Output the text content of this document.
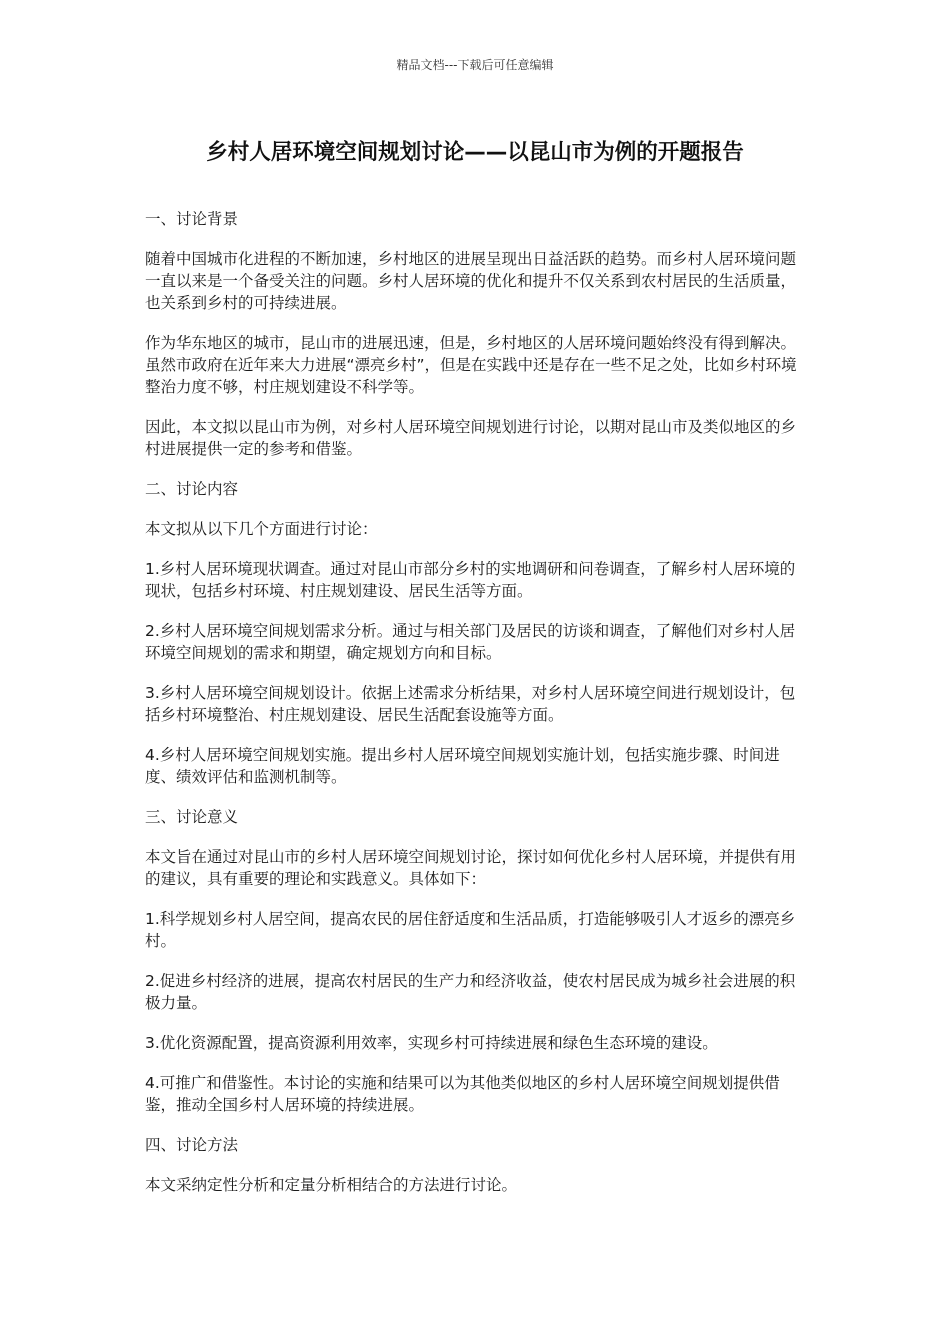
精品文档---下载后可任意编辑
乡村人居环境空间规划讨论——以昆山市为例的开题报告

一、讨论背景

随着中国城市化进程的不断加速，乡村地区的进展呈现出日益活跃的趋势。而乡村人居环境问题一直以来是一个备受关注的问题。乡村人居环境的优化和提升不仅关系到农村居民的生活质量，也关系到乡村的可持续进展。

作为华东地区的城市，昆山市的进展迅速，但是，乡村地区的人居环境问题始终没有得到解决。虽然市政府在近年来大力进展“漂亮乡村”，但是在实践中还是存在一些不足之处，比如乡村环境整治力度不够，村庄规划建设不科学等。

因此，本文拟以昆山市为例，对乡村人居环境空间规划进行讨论，以期对昆山市及类似地区的乡村进展提供一定的参考和借鉴。

二、讨论内容

本文拟从以下几个方面进行讨论：

1.乡村人居环境现状调查。通过对昆山市部分乡村的实地调研和问卷调查，了解乡村人居环境的现状，包括乡村环境、村庄规划建设、居民生活等方面。

2.乡村人居环境空间规划需求分析。通过与相关部门及居民的访谈和调查，了解他们对乡村人居环境空间规划的需求和期望，确定规划方向和目标。

3.乡村人居环境空间规划设计。依据上述需求分析结果，对乡村人居环境空间进行规划设计，包括乡村环境整治、村庄规划建设、居民生活配套设施等方面。

4.乡村人居环境空间规划实施。提出乡村人居环境空间规划实施计划，包括实施步骤、时间进度、绩效评估和监测机制等。

三、讨论意义

本文旨在通过对昆山市的乡村人居环境空间规划讨论，探讨如何优化乡村人居环境，并提供有用的建议，具有重要的理论和实践意义。具体如下：

1.科学规划乡村人居空间，提高农民的居住舒适度和生活品质，打造能够吸引人才返乡的漂亮乡村。

2.促进乡村经济的进展，提高农村居民的生产力和经济收益，使农村居民成为城乡社会进展的积极力量。

3.优化资源配置，提高资源利用效率，实现乡村可持续进展和绿色生态环境的建设。

4.可推广和借鉴性。本讨论的实施和结果可以为其他类似地区的乡村人居环境空间规划提供借鉴，推动全国乡村人居环境的持续进展。

四、讨论方法

本文采纳定性分析和定量分析相结合的方法进行讨论。
